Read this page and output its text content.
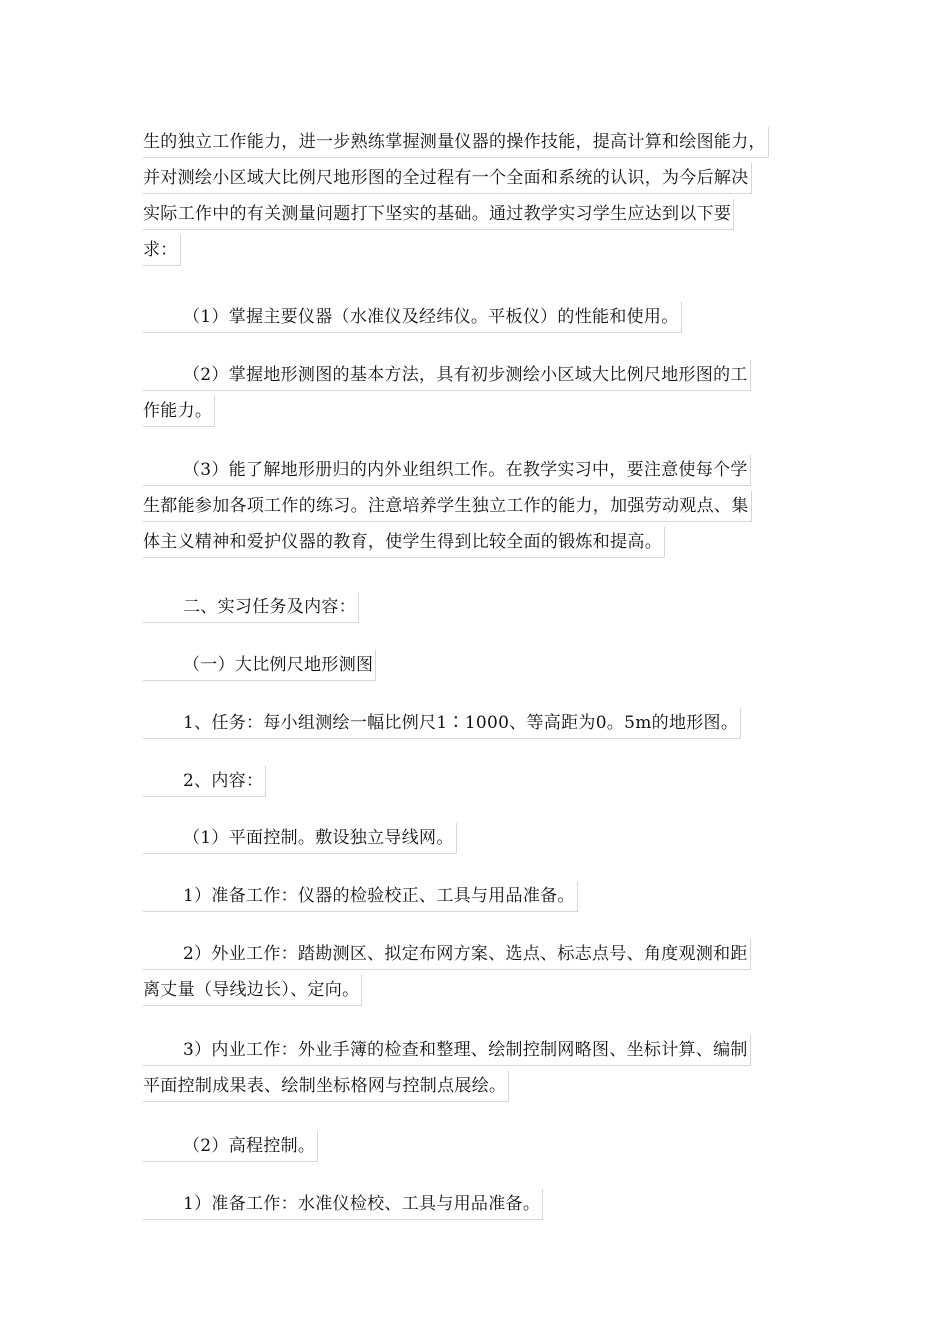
生的独立工作能力，进一步熟练掌握测量仪器的操作技能，提高计算和绘图能力，
并对测绘小区域大比例尺地形图的全过程有一个全面和系统的认识，为今后解决
实际工作中的有关测量问题打下坚实的基础。通过教学实习学生应达到以下要
求：
（1）掌握主要仪器（水准仪及经纬仪。平板仪）的性能和使用。
（2）掌握地形测图的基本方法，具有初步测绘小区域大比例尺地形图的工
作能力。
（3）能了解地形册归的内外业组织工作。在教学实习中，要注意使每个学
生都能参加各项工作的练习。注意培养学生独立工作的能力，加强劳动观点、集
体主义精神和爱护仪器的教育，使学生得到比较全面的锻炼和提高。
二、实习任务及内容：
（一）大比例尺地形测图
1、任务：每小组测绘一幅比例尺1∶1000、等高距为0。5m的地形图。
2、内容：
（1）平面控制。敷设独立导线网。
1）准备工作：仪器的检验校正、工具与用品准备。
2）外业工作：踏勘测区、拟定布网方案、选点、标志点号、角度观测和距
离丈量（导线边长）、定向。
3）内业工作：外业手簿的检查和整理、绘制控制网略图、坐标计算、编制
平面控制成果表、绘制坐标格网与控制点展绘。
（2）高程控制。
1）准备工作：水准仪检校、工具与用品准备。
